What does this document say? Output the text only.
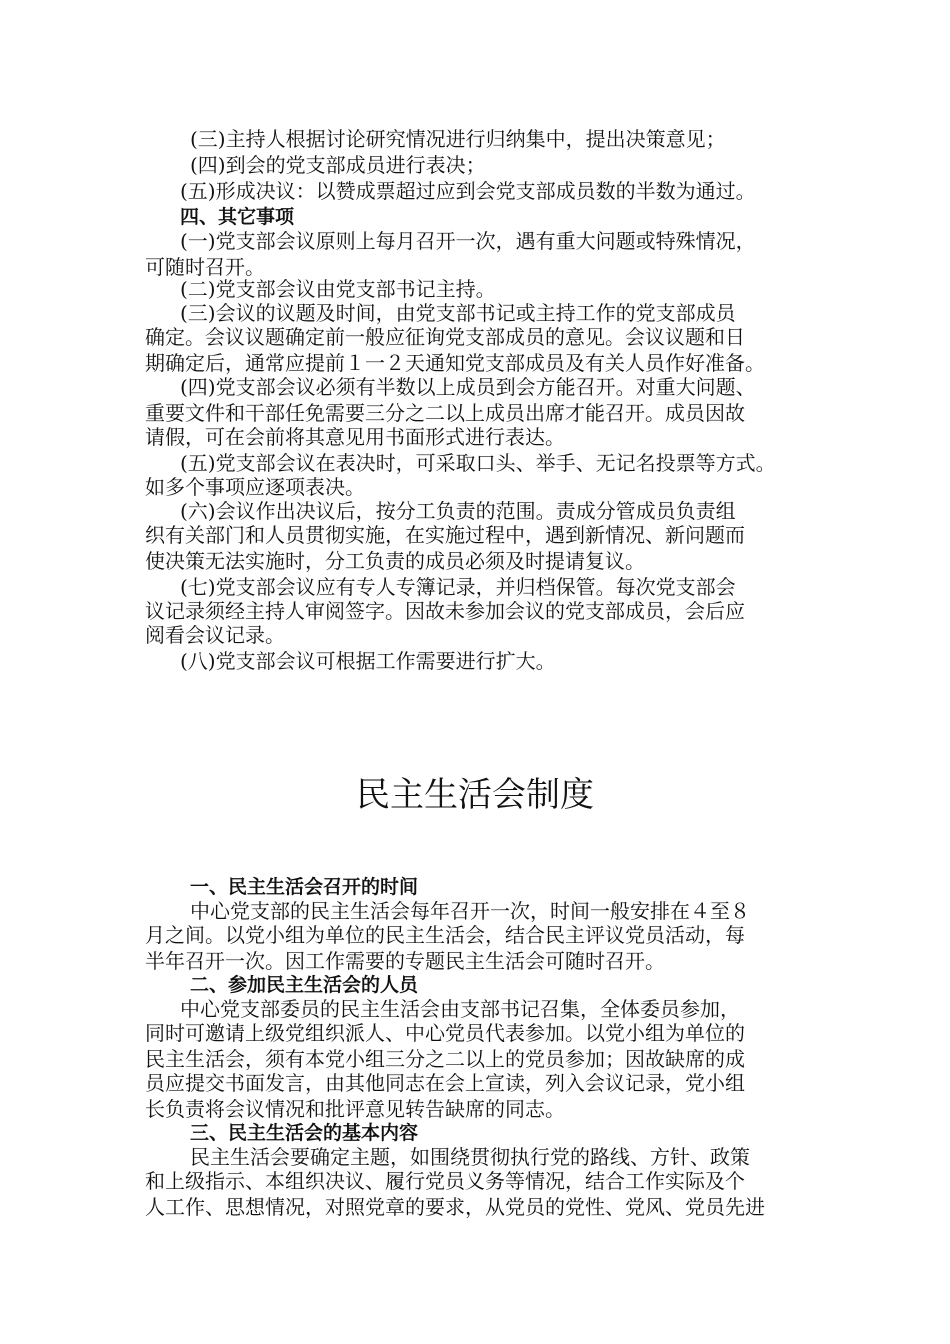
(三)主持人根据讨论研究情况进行归纳集中，提出决策意见；
(四)到会的党支部成员进行表决；
(五)形成决议：以赞成票超过应到会党支部成员数的半数为通过。
四、其它事项
(一)党支部会议原则上每月召开一次，遇有重大问题或特殊情况，
可随时召开。
(二)党支部会议由党支部书记主持。
(三)会议的议题及时间，由党支部书记或主持工作的党支部成员
确定。会议议题确定前一般应征询党支部成员的意见。会议议题和日
期确定后，通常应提前１一２天通知党支部成员及有关人员作好准备。
(四)党支部会议必须有半数以上成员到会方能召开。对重大问题、
重要文件和干部任免需要三分之二以上成员出席才能召开。成员因故
请假，可在会前将其意见用书面形式进行表达。
(五)党支部会议在表决时，可采取口头、举手、无记名投票等方式。
如多个事项应逐项表决。
(六)会议作出决议后，按分工负责的范围。责成分管成员负责组
织有关部门和人员贯彻实施，在实施过程中，遇到新情况、新问题而
使决策无法实施时，分工负责的成员必须及时提请复议。
(七)党支部会议应有专人专簿记录，并归档保管。每次党支部会
议记录须经主持人审阅签字。因故未参加会议的党支部成员，会后应
阅看会议记录。
(八)党支部会议可根据工作需要进行扩大。
民主生活会制度
一、民主生活会召开的时间
中心党支部的民主生活会每年召开一次，时间一般安排在４至８
月之间。以党小组为单位的民主生活会，结合民主评议党员活动，每
半年召开一次。因工作需要的专题民主生活会可随时召开。
二、参加民主生活会的人员
中心党支部委员的民主生活会由支部书记召集，全体委员参加，
同时可邀请上级党组织派人、中心党员代表参加。以党小组为单位的
民主生活会，须有本党小组三分之二以上的党员参加；因故缺席的成
员应提交书面发言，由其他同志在会上宣读，列入会议记录，党小组
长负责将会议情况和批评意见转告缺席的同志。
三、民主生活会的基本内容
民主生活会要确定主题，如围绕贯彻执行党的路线、方针、政策
和上级指示、本组织决议、履行党员义务等情况，结合工作实际及个
人工作、思想情况，对照党章的要求，从党员的党性、党风、党员先进
